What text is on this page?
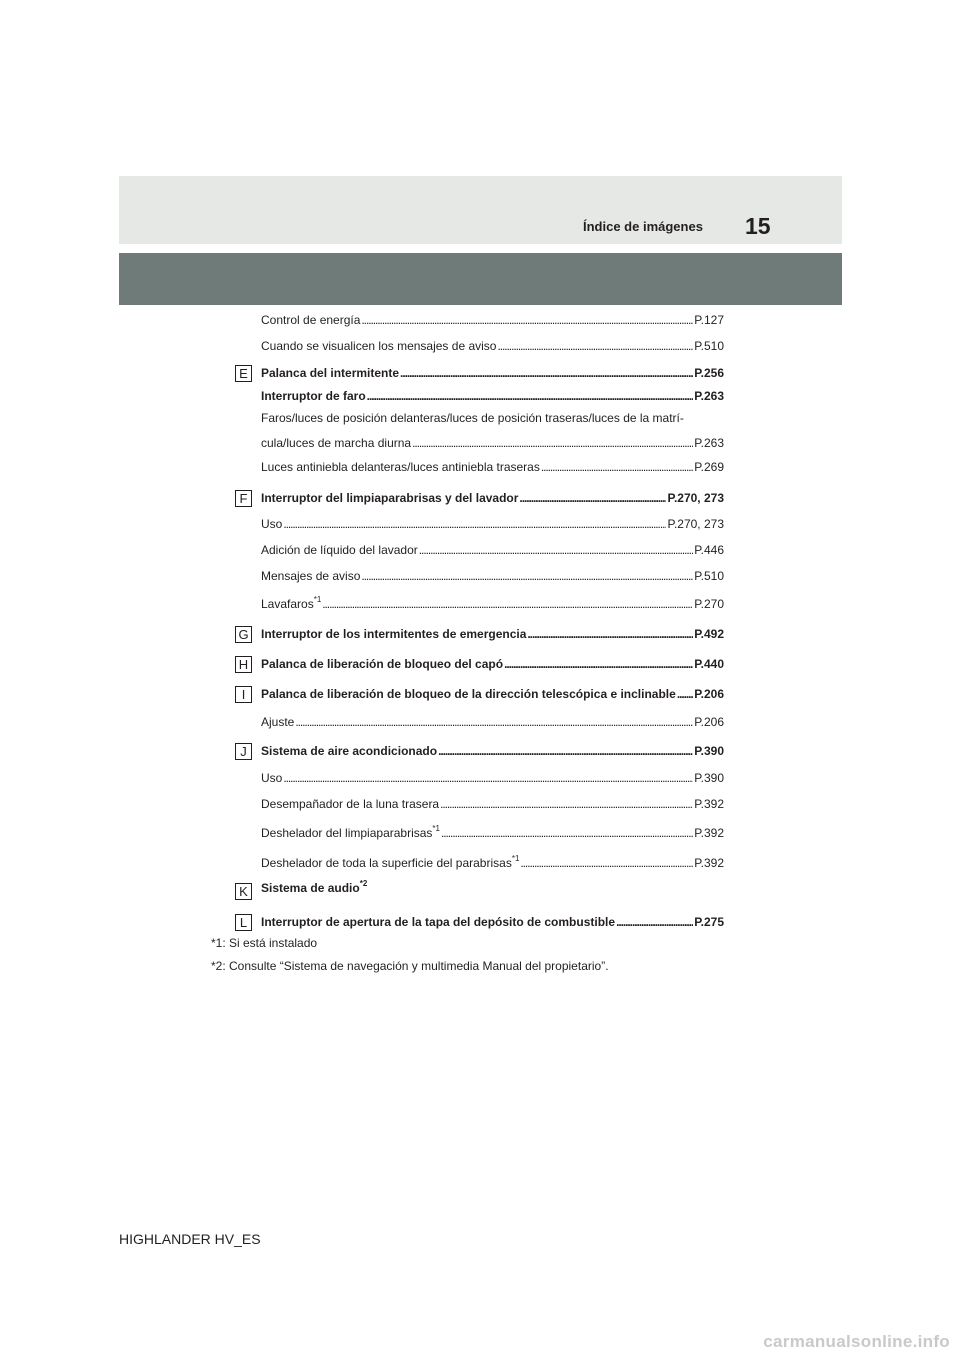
Índice de imágenes 15
Control de energía . . .	P.127
Cuando se visualicen los mensajes de aviso . . .	P.510
E	Palanca del intermitente . . .	P.256
Interruptor de faro . . .	P.263
Faros/luces de posición delanteras/luces de posición traseras/luces de la matrí-
cula/luces de marcha diurna . . .	P.263
Luces antiniebla delanteras/luces antiniebla traseras . . .	P.269
F	Interruptor del limpiaparabrisas y del lavador . . .	P.270, 273
Uso . . .	P.270, 273
Adición de líquido del lavador . . .	P.446
Mensajes de aviso . . .	P.510
Lavafaros$^{*1}$ . . .	P.270
G Interruptor de los intermitentes de emergencia . . .	P.492
H	Palanca de liberación de bloqueo del capó . . .	P.440
I	Palanca de liberación de bloqueo de la dirección telescópica e inclinable . . . P.206
Ajuste . . .	P.206
J	Sistema de aire acondicionado . . .	P.390
Uso . . .	P.390
Desempañador de la luna trasera . . .	P.392
Deshelador del limpiaparabrisas$^{*1}$ . . .	P.392
Deshelador de toda la superficie del parabrisas$^{*1}$ . . .	P.392
K	Sistema de audio$^{*2}$
L	Interruptor de apertura de la tapa del depósito de combustible . . .	P.275
*1: Si está instalado
*2: Consulte “Sistema de navegación y multimedia Manual del propietario”.
HIGHLANDER HV_ES
carmanualsonline.info
